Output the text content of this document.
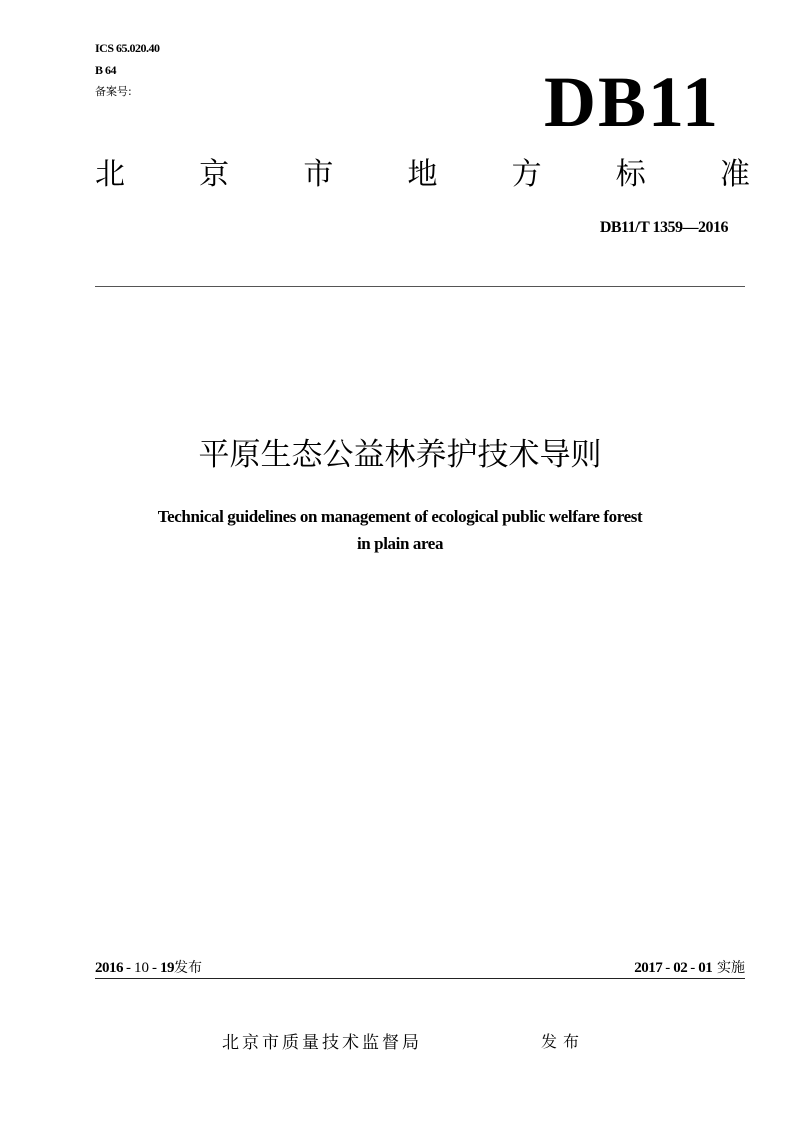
ICS 65.020.40
B 64
备案号:	DB11
北 京 市 地 方 标 准
DB11/T 1359—2016
平原生态公益林养护技术导则
Technical guidelines on management of ecological public welfare forest
in plain area
2016 - 10 - 19发布	2017 - 02 - 01 实施
北京市质量技术监督局	发布
